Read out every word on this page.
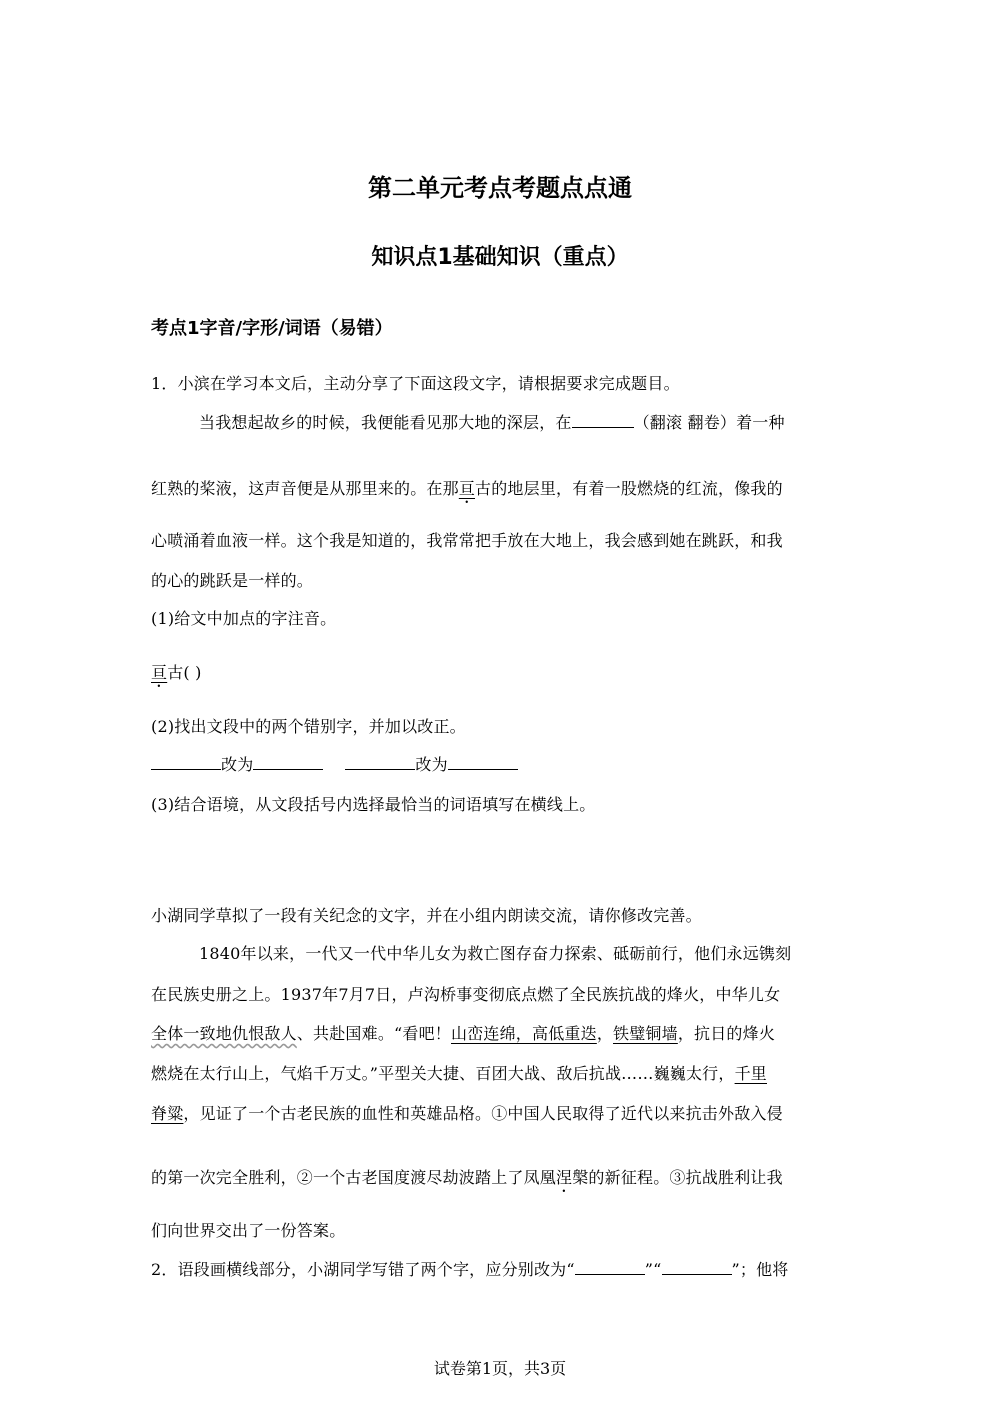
第二单元考点考题点点通
知识点1基础知识（重点）
考点1字音/字形/词语（易错）
1．小滨在学习本文后，主动分享了下面这段文字，请根据要求完成题目。
当我想起故乡的时候，我便能看见那大地的深层，在	（翻滚 翻卷）着一种
红熟的桨液，这声音便是从那里来的。在那亘古的地层里，有着一股燃烧的红流，像我的
心喷涌着血液一样。这个我是知道的，我常常把手放在大地上，我会感到她在跳跃，和我
的心的跳跃是一样的。
(1)给文中加点的字注音。
亘古( )
(2)找出文段中的两个错别字，并加以改正。
改为	改为
(3)结合语境，从文段括号内选择最恰当的词语填写在横线上。
小湖同学草拟了一段有关纪念的文字，并在小组内朗读交流，请你修改完善。
1840年以来，一代又一代中华儿女为救亡图存奋力探索、砥砺前行，他们永远镌刻
在民族史册之上。1937年7月7日，卢沟桥事变彻底点燃了全民族抗战的烽火，中华儿女
全体一致地仇恨敌人、共赴国难。“看吧！山峦连绵，高低重迭，铁璧铜墙，抗日的烽火
燃烧在太行山上，气焰千万丈。”平型关大捷、百团大战、敌后抗战……巍巍太行，千里
脊粱，见证了一个古老民族的血性和英雄品格。①中国人民取得了近代以来抗击外敌入侵
的第一次完全胜利，②一个古老国度渡尽劫波踏上了凤凰涅槃的新征程。③抗战胜利让我
们向世界交出了一份答案。
2．语段画横线部分，小湖同学写错了两个字，应分别改为“	”“	”；他将
试卷第1页，共3页
